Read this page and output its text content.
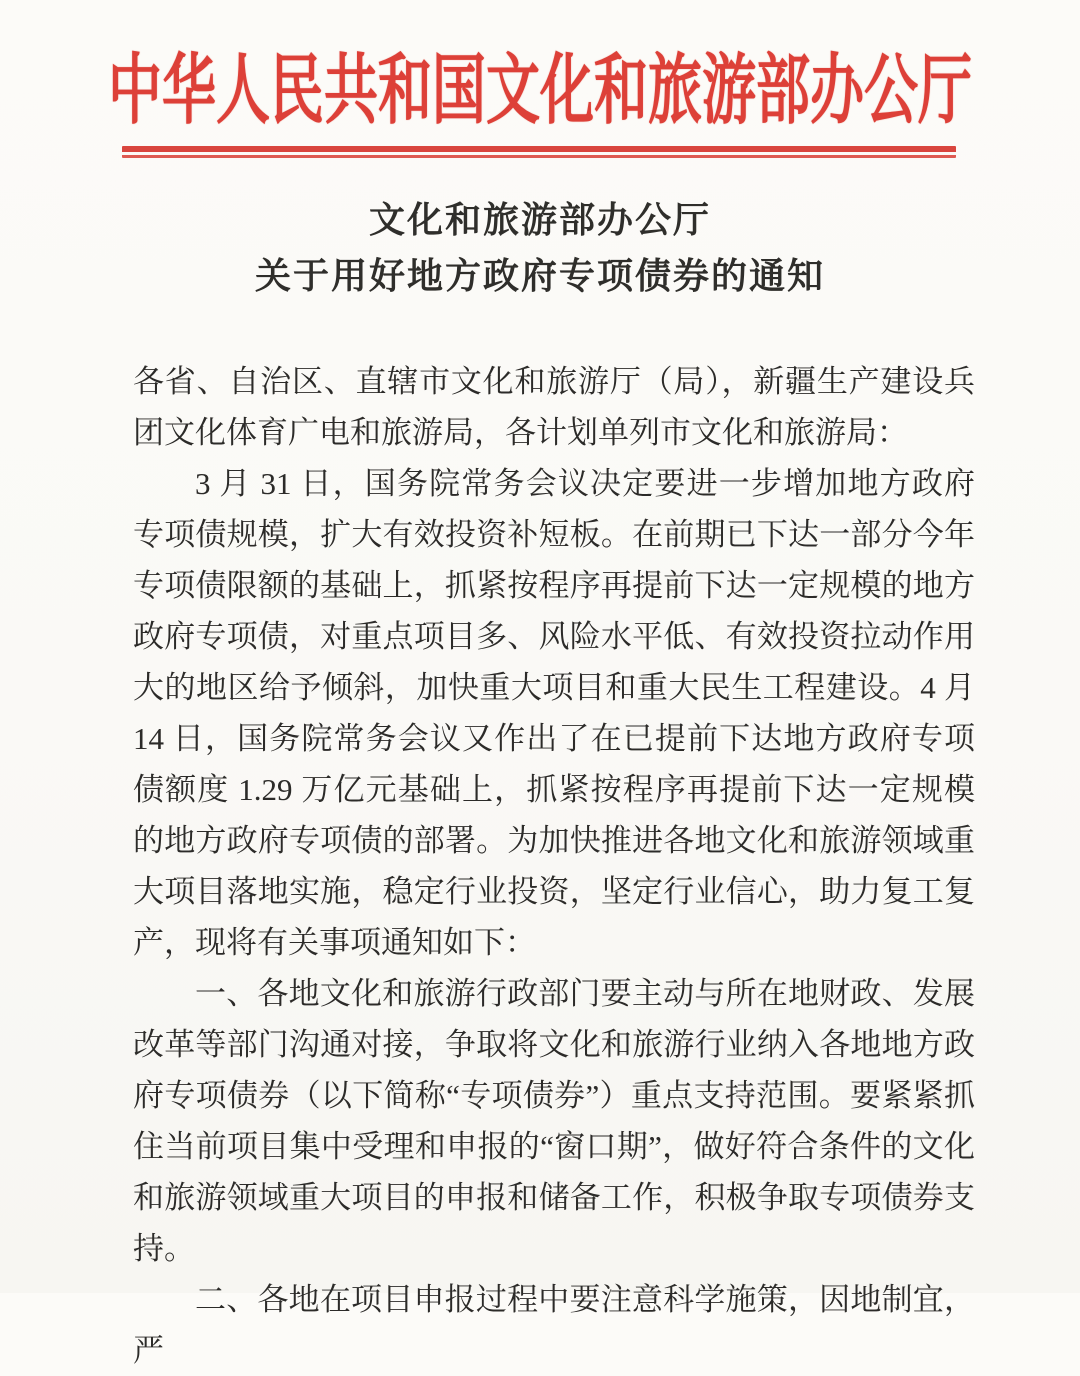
中华人民共和国文化和旅游部办公厅
文化和旅游部办公厅
关于用好地方政府专项债券的通知

各省、自治区、直辖市文化和旅游厅（局），新疆生产建设兵团文化体育广电和旅游局，各计划单列市文化和旅游局：

3 月 31 日，国务院常务会议决定要进一步增加地方政府专项债规模，扩大有效投资补短板。在前期已下达一部分今年专项债限额的基础上，抓紧按程序再提前下达一定规模的地方政府专项债，对重点项目多、风险水平低、有效投资拉动作用大的地区给予倾斜，加快重大项目和重大民生工程建设。4 月 14 日，国务院常务会议又作出了在已提前下达地方政府专项债额度 1.29 万亿元基础上，抓紧按程序再提前下达一定规模的地方政府专项债的部署。为加快推进各地文化和旅游领域重大项目落地实施，稳定行业投资，坚定行业信心，助力复工复产，现将有关事项通知如下：

一、各地文化和旅游行政部门要主动与所在地财政、发展改革等部门沟通对接，争取将文化和旅游行业纳入各地地方政府专项债券（以下简称“专项债券”）重点支持范围。要紧紧抓住当前项目集中受理和申报的“窗口期”，做好符合条件的文化和旅游领域重大项目的申报和储备工作，积极争取专项债券支持。

二、各地在项目申报过程中要注意科学施策，因地制宜，严
